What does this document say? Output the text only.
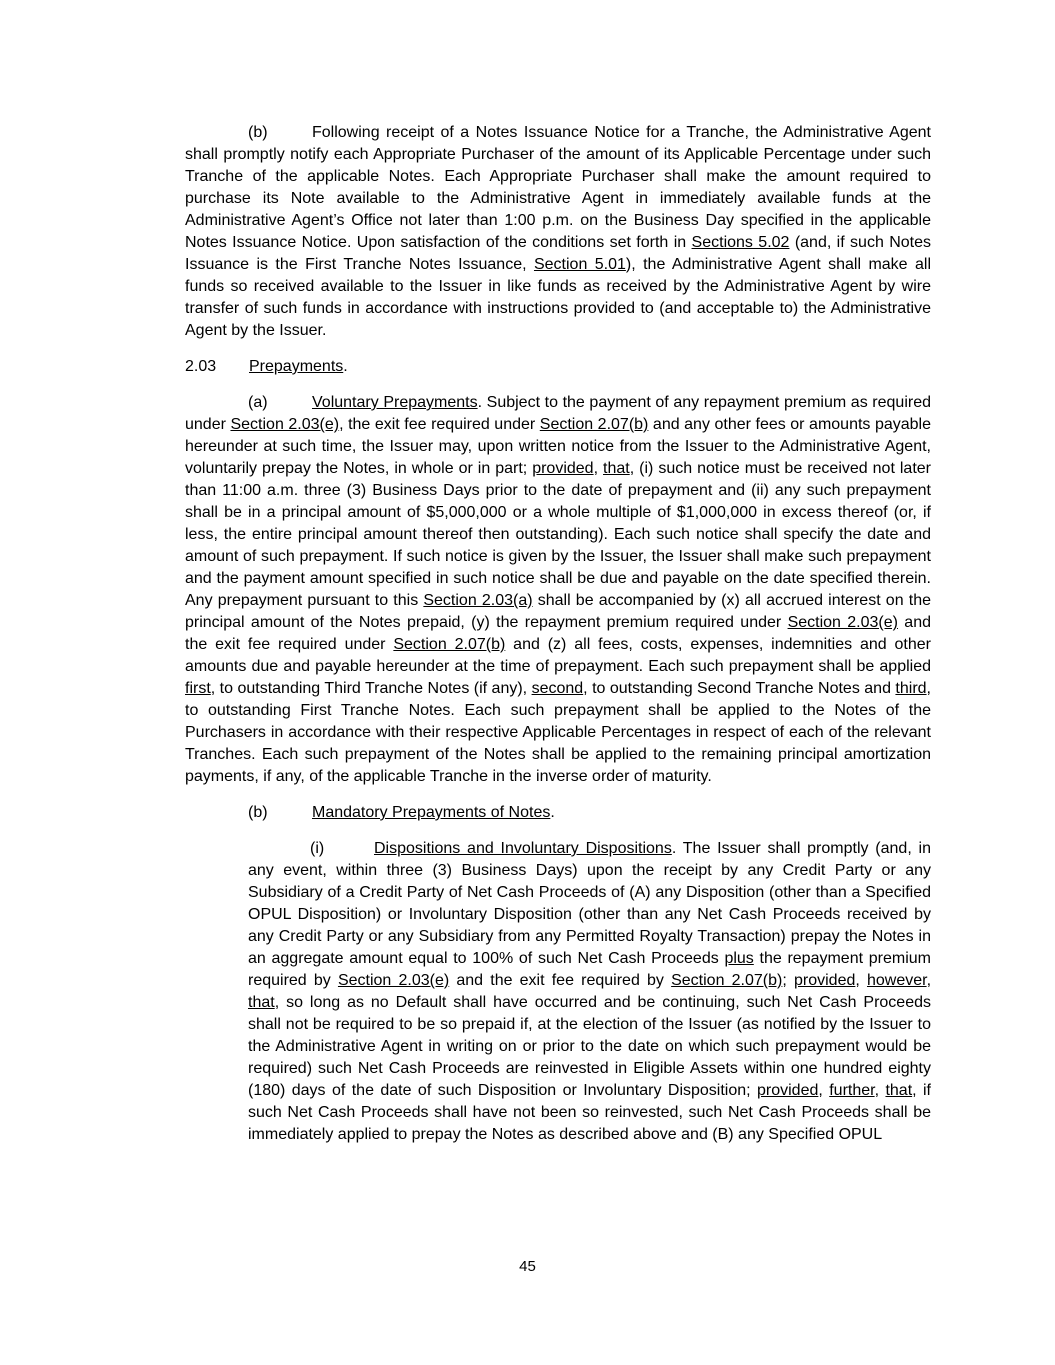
(b)	Following receipt of a Notes Issuance Notice for a Tranche, the Administrative Agent shall promptly notify each Appropriate Purchaser of the amount of its Applicable Percentage under such Tranche of the applicable Notes. Each Appropriate Purchaser shall make the amount required to purchase its Note available to the Administrative Agent in immediately available funds at the Administrative Agent’s Office not later than 1:00 p.m. on the Business Day specified in the applicable Notes Issuance Notice. Upon satisfaction of the conditions set forth in Sections 5.02 (and, if such Notes Issuance is the First Tranche Notes Issuance, Section 5.01), the Administrative Agent shall make all funds so received available to the Issuer in like funds as received by the Administrative Agent by wire transfer of such funds in accordance with instructions provided to (and acceptable to) the Administrative Agent by the Issuer.

2.03 Prepayments.

(a)	Voluntary Prepayments. Subject to the payment of any repayment premium as required under Section 2.03(e), the exit fee required under Section 2.07(b) and any other fees or amounts payable hereunder at such time, the Issuer may, upon written notice from the Issuer to the Administrative Agent, voluntarily prepay the Notes, in whole or in part; provided, that, (i) such notice must be received not later than 11:00 a.m. three (3) Business Days prior to the date of prepayment and (ii) any such prepayment shall be in a principal amount of $5,000,000 or a whole multiple of $1,000,000 in excess thereof (or, if less, the entire principal amount thereof then outstanding). Each such notice shall specify the date and amount of such prepayment. If such notice is given by the Issuer, the Issuer shall make such prepayment and the payment amount specified in such notice shall be due and payable on the date specified therein. Any prepayment pursuant to this Section 2.03(a) shall be accompanied by (x) all accrued interest on the principal amount of the Notes prepaid, (y) the repayment premium required under Section 2.03(e) and the exit fee required under Section 2.07(b) and (z) all fees, costs, expenses, indemnities and other amounts due and payable hereunder at the time of prepayment. Each such prepayment shall be applied first, to outstanding Third Tranche Notes (if any), second, to outstanding Second Tranche Notes and third, to outstanding First Tranche Notes. Each such prepayment shall be applied to the Notes of the Purchasers in accordance with their respective Applicable Percentages in respect of each of the relevant Tranches. Each such prepayment of the Notes shall be applied to the remaining principal amortization payments, if any, of the applicable Tranche in the inverse order of maturity.

(b)	Mandatory Prepayments of Notes.

(i)	Dispositions and Involuntary Dispositions. The Issuer shall promptly (and, in any event, within three (3) Business Days) upon the receipt by any Credit Party or any Subsidiary of a Credit Party of Net Cash Proceeds of (A) any Disposition (other than a Specified OPUL Disposition) or Involuntary Disposition (other than any Net Cash Proceeds received by any Credit Party or any Subsidiary from any Permitted Royalty Transaction) prepay the Notes in an aggregate amount equal to 100% of such Net Cash Proceeds plus the repayment premium required by Section 2.03(e) and the exit fee required by Section 2.07(b); provided, however, that, so long as no Default shall have occurred and be continuing, such Net Cash Proceeds shall not be required to be so prepaid if, at the election of the Issuer (as notified by the Issuer to the Administrative Agent in writing on or prior to the date on which such prepayment would be required) such Net Cash Proceeds are reinvested in Eligible Assets within one hundred eighty (180) days of the date of such Disposition or Involuntary Disposition; provided, further, that, if such Net Cash Proceeds shall have not been so reinvested, such Net Cash Proceeds shall be immediately applied to prepay the Notes as described above and (B) any Specified OPUL

45
